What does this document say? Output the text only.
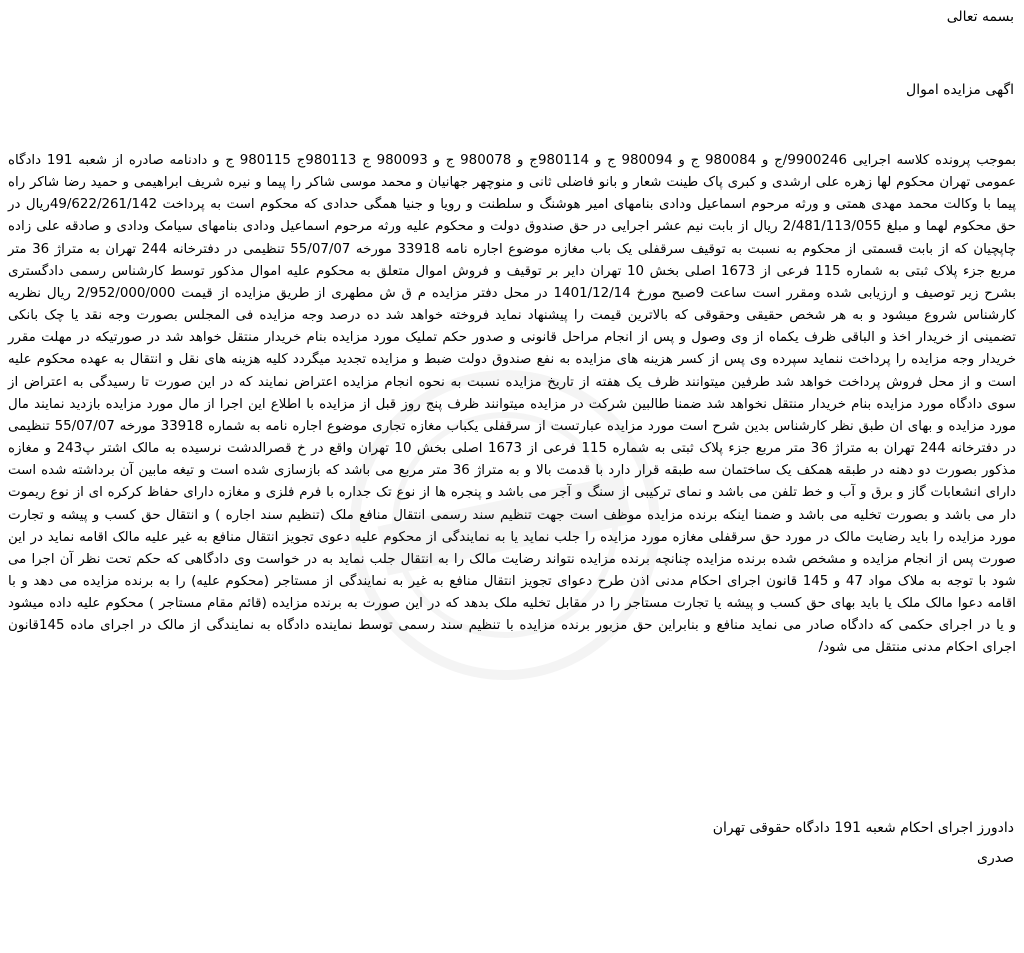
بسمه تعالی
اگهی مزایده اموال
بموجب پرونده کلاسه اجرایی 9900246/ج و 980084 ج و 980094 ج و 980114ج و 980078 ج و 980093 ج 980113ج 980115 ج و دادنامه صادره از شعبه 191 دادگاه عمومی تهران محکوم لها زهره علی ارشدی و کبری پاک طینت شعار و بانو فاضلی ثانی و منوچهر جهانیان و محمد موسی شاکر را پیما و نیره شریف ابراهیمی و حمید رضا شاکر راه پیما با وکالت محمد مهدی همتی و ورثه مرحوم اسماعیل ودادی بنامهای امیر هوشنگ و سلطنت و رویا و جنیا همگی حدادی که محکوم است به پرداخت 49/622/261/142ریال در حق محکوم لهما و مبلغ 2/481/113/055 ریال از بابت نیم عشر اجرایی در حق صندوق دولت و محکوم علیه ورثه مرحوم اسماعیل ودادی بنامهای سیامک ودادی و صادقه علی زاده چاپچیان که از بابت قسمتی از محکوم به نسبت به توقیف سرقفلی یک باب مغازه موضوع اجاره نامه 33918 مورخه 55/07/07 تنظیمی در دفترخانه 244 تهران به متراژ 36 متر مربع جزء پلاک ثبتی به شماره 115 فرعی از 1673 اصلی بخش 10 تهران دایر بر توقیف و فروش اموال متعلق به محکوم علیه اموال مذکور توسط کارشناس رسمی دادگستری بشرح زیر توصیف و ارزیابی شده ومقرر است ساعت 9صبح مورخ 1401/12/14 در محل دفتر مزایده م ق ش مطهری از طریق مزایده از قیمت 2/952/000/000 ریال نظریه کارشناس شروع میشود و به هر شخص حقیقی وحقوقی که بالاترین قیمت را پیشنهاد نماید فروخته خواهد شد ده درصد وجه مزایده فی المجلس بصورت وجه نقد یا چک بانکی تضمینی از خریدار اخذ و الباقی ظرف یکماه از وی وصول و پس از انجام مراحل قانونی و صدور حکم تملیک مورد مزایده بنام خریدار منتقل خواهد شد در صورتیکه در مهلت مقرر خریدار وجه مزایده را پرداخت ننماید سپرده وی پس از کسر هزینه های مزایده به نفع صندوق دولت ضبط و مزایده تجدید میگردد کلیه هزینه های نقل و انتقال به عهده محکوم علیه است و از محل فروش پرداخت خواهد شد طرفین میتوانند ظرف یک هفته از تاریخ مزایده نسبت به نحوه انجام مزایده اعتراض نمایند که در این صورت تا رسیدگی به اعتراض از سوی دادگاه مورد مزایده بنام خریدار منتقل نخواهد شد ضمنا طالبین شرکت در مزایده میتوانند ظرف پنج روز قبل از مزایده با اطلاع این اجرا از مال مورد مزایده بازدید نمایند مال مورد مزایده و بهای ان طبق نظر کارشناس بدین شرح است مورد مزایده عبارتست از سرقفلی یکباب مغازه تجاری موضوع اجاره نامه به شماره 33918 مورخه 55/07/07 تنظیمی در دفترخانه 244 تهران به متراژ 36 متر مربع جزء پلاک ثبتی به شماره 115 فرعی از 1673 اصلی بخش 10 تهران واقع در خ قصرالدشت نرسیده به مالک اشتر پ243 و مغازه مذکور بصورت دو دهنه در طبقه همکف یک ساختمان سه طبقه قرار دارد با قدمت بالا و به متراژ 36 متر مربع می باشد که بازسازی شده است و تیغه مابین آن برداشته شده است دارای انشعابات گاز و برق و آب و خط تلفن می باشد و نمای ترکیبی از سنگ و آجر می باشد و پنجره ها از نوع تک جداره با فرم فلزی و مغازه دارای حفاظ کرکره ای از نوع ریموت دار می باشد و بصورت تخلیه می باشد و ضمنا اینکه برنده مزایده موظف است جهت تنظیم سند رسمی انتقال منافع ملک (تنظیم سند اجاره ) و انتقال حق کسب و پیشه و تجارت مورد مزایده را باید رضایت مالک در مورد حق سرقفلی مغازه مورد مزایده را جلب نماید یا به نمایندگی از محکوم علیه دعوی تجویز انتقال منافع به غیر علیه مالک اقامه نماید در این صورت پس از انجام مزایده و مشخص شده برنده مزایده چنانچه برنده مزایده نتواند رضایت مالک را به انتقال جلب نماید به در خواست وی دادگاهی که حکم تحت نظر آن اجرا می شود با توجه به ملاک مواد 47 و 145 قانون اجرای احکام مدنی اذن طرح دعوای تجویز انتقال منافع به غیر به نمایندگی از مستاجر (محکوم علیه) را به برنده مزایده می دهد و با اقامه دعوا مالک ملک یا باید بهای حق کسب و پیشه یا تجارت مستاجر را در مقابل تخلیه ملک بدهد که در این صورت به برنده مزایده (قائم مقام مستاجر ) محکوم علیه داده میشود و یا در اجرای حکمی که دادگاه صادر می نماید منافع و بنابراین حق مزبور برنده مزایده با تنظیم سند رسمی توسط نماینده دادگاه به نمایندگی از مالک در اجرای ماده 145قانون اجرای احکام مدنی منتقل می شود/
دادورز اجرای احکام شعبه 191 دادگاه حقوقی تهران
صدری
